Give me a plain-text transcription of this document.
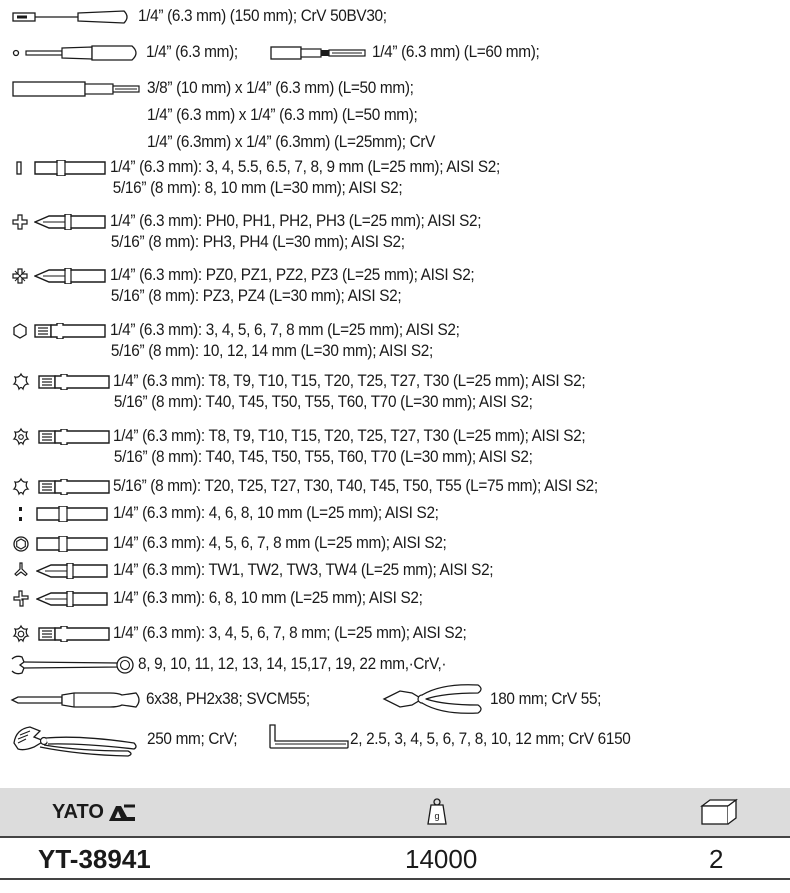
1/4” (6.3 mm) (150 mm); CrV 50BV30;
1/4” (6.3 mm);	1/4” (6.3 mm) (L=60 mm);
3/8” (10 mm) x 1/4” (6.3 mm) (L=50 mm);
1/4” (6.3 mm) x 1/4” (6.3 mm) (L=50 mm);
1/4” (6.3mm) x 1/4” (6.3mm) (L=25mm); CrV
1/4” (6.3 mm): 3, 4, 5.5, 6.5, 7, 8, 9 mm (L=25 mm); AISI S2;
5/16” (8 mm): 8, 10 mm (L=30 mm); AISI S2;
1/4” (6.3 mm): PH0, PH1, PH2, PH3 (L=25 mm); AISI S2;
5/16” (8 mm): PH3, PH4 (L=30 mm); AISI S2;
1/4” (6.3 mm): PZ0, PZ1, PZ2, PZ3 (L=25 mm); AISI S2;
5/16” (8 mm): PZ3, PZ4 (L=30 mm); AISI S2;
1/4” (6.3 mm): 3, 4, 5, 6, 7, 8 mm (L=25 mm); AISI S2;
5/16” (8 mm): 10, 12, 14 mm (L=30 mm); AISI S2;
1/4” (6.3 mm): T8, T9, T10, T15, T20, T25, T27, T30 (L=25 mm); AISI S2;
5/16” (8 mm): T40, T45, T50, T55, T60, T70 (L=30 mm); AISI S2;
1/4” (6.3 mm): T8, T9, T10, T15, T20, T25, T27, T30 (L=25 mm); AISI S2;
5/16” (8 mm): T40, T45, T50, T55, T60, T70 (L=30 mm); AISI S2;
5/16” (8 mm): T20, T25, T27, T30, T40, T45, T50, T55 (L=75 mm); AISI S2;
1/4” (6.3 mm): 4, 6, 8, 10 mm (L=25 mm); AISI S2;
1/4” (6.3 mm): 4, 5, 6, 7, 8 mm (L=25 mm); AISI S2;
1/4” (6.3 mm): TW1, TW2, TW3, TW4 (L=25 mm); AISI S2;
1/4” (6.3 mm): 6, 8, 10 mm (L=25 mm); AISI S2;
1/4” (6.3 mm): 3, 4, 5, 6, 7, 8 mm; (L=25 mm); AISI S2;
8, 9, 10, 11, 12, 13, 14, 15,17, 19, 22 mm,·CrV,·
6x38, PH2x38; SVCM55;	180 mm; CrV 55;
250 mm; CrV;	2, 2.5, 3, 4, 5, 6, 7, 8, 10, 12 mm; CrV 6150
YATO	g
YT-38941	14000	2
